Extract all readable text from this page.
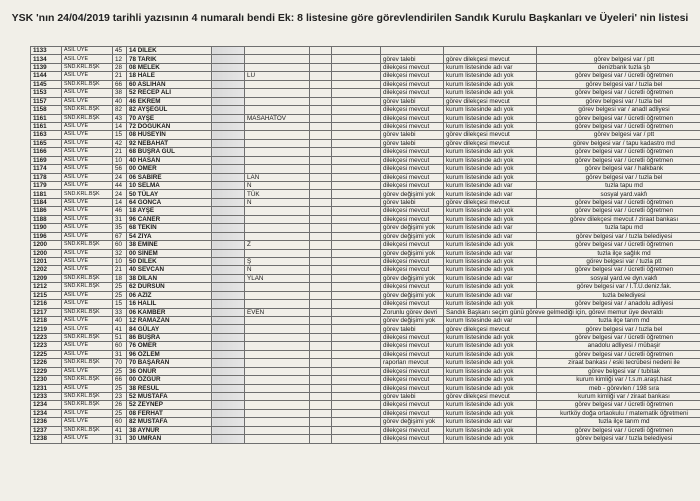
YSK 'nın 24/04/2019 tarihli yazısının 4 numaralı bendi Ek: 8 listesine göre görevlendirilen Sandık Kurulu Başkanları ve Üyeleri' nin listesi
1133	ASIL ÜYE	45	14 DİLEK							
1134	ASIL ÜYE	12	78 TARIK					görev talebi	görev dilekçesi mevcut	görev belgesi var / ptt
1139	SND.KRL.BŞK	28	08 MELEK					dilekçesi mevcut	kurum listesinde adı var	denizbank tuzla şb
1144	ASIL ÜYE	21	18 HALE		LU			dilekçesi mevcut	kurum listesinde adı yok	görev belgesi var / ücretli öğretmen
1145	SND.KRL.BŞK	66	60 ASLIHAN					dilekçesi mevcut	kurum listesinde adı yok	görev belgesi var / tuzla bel
1153	ASIL ÜYE	38	52 RECEP ALİ					dilekçesi mevcut	kurum listesinde adı yok	görev belgesi var / ücretli öğretmen
1157	ASIL ÜYE	40	46 EKREM					görev talebi	görev dilekçesi mevcut	görev belgesi var / tuzla bel
1158	SND.KRL.BŞK	82	82 AYŞEGÜL					dilekçesi mevcut	kurum listesinde adı yok	görev belgesi var / anadl adliyesi
1161	SND.KRL.BŞK	43	70 AYŞE		MASAHATOV			dilekçesi mevcut	kurum listesinde adı yok	görev belgesi var / ücretli öğretmen
1161	ASIL ÜYE	14	72 DOĞUKAN					dilekçesi mevcut	kurum listesinde adı yok	görev belgesi var / ücretli öğretmen
1163	ASIL ÜYE	15	08 HÜSEYİN					görev talebi	görev dilekçesi mevcut	görev belgesi var / ptt
1165	ASIL ÜYE	42	92 NEBAHAT					görev talebi	görev dilekçesi mevcut	görev belgesi var / tapu kadastro md
1166	ASIL ÜYE	21	68 BÜŞRA GÜL					dilekçesi mevcut	kurum listesinde adı yok	görev belgesi var / ücretli öğretmen
1169	ASIL ÜYE	10	40 HASAN					dilekçesi mevcut	kurum listesinde adı yok	görev belgesi var / ücretli öğretmen
1174	ASIL ÜYE	56	00 ÖMER					dilekçesi mevcut	kurum listesinde adı yok	görev belgesi var / halkbank
1178	ASIL ÜYE	24	06 SABİRE		LAN			dilekçesi mevcut	kurum listesinde adı yok	görev belgesi var / tuzla bel
1179	ASIL ÜYE	44	10 SELMA		N			dilekçesi mevcut	kurum listesinde adı var	tuzla tapu md
1181	SND.KRL.BŞK	24	50 TÜLAY		TÜK			görev değişimi yok	kurum listesinde adı var	sosyal yard.vakfı
1184	ASIL ÜYE	14	64 GONCA		N			görev talebi	görev dilekçesi mevcut	görev belgesi var / ücretli öğretmen
1186	ASIL ÜYE	46	18 AYŞE					dilekçesi mevcut	kurum listesinde adı yok	görev belgesi var / ücretli öğretmen
1188	ASIL ÜYE	31	96 CANER					dilekçesi mevcut	kurum listesinde adı yok	görev dilekçesi mevcut / ziraat bankası
1190	ASIL ÜYE	35	68 TEKİN					görev değişimi yok	kurum listesinde adı var	tuzla tapu md
1196	ASIL ÜYE	67	54 ZİYA					görev değişimi yok	kurum listesinde adı var	görev belgesi var / tuzla belediyesi
1200	SND.KRL.BŞK	60	38 EMİNE		Z			dilekçesi mevcut	kurum listesinde adı yok	görev belgesi var / ücretli öğretmen
1200	ASIL ÜYE	32	00 SİNEM					görev değişimi yok	kurum listesinde adı var	tuzla ilçe sağlık md
1201	ASIL ÜYE	10	50 DİLEK		Ş			dilekçesi mevcut	kurum listesinde adı yok	görev belgesi var / tuzla ptt
1202	ASIL ÜYE	21	40 SEVCAN		N			dilekçesi mevcut	kurum listesinde adı yok	görev belgesi var / ücretli öğretmen
1209	SND.KRL.BŞK	18	38 DİLAN		YLAN			görev değişimi yok	kurum listesinde adı var	sosyal yard.ve dyn.vakfı
1212	SND.KRL.BŞK	25	62 DURSUN					dilekçesi mevcut	kurum listesinde adı yok	görev belgesi var / İ.T.Ü.deniz.fak.
1215	ASIL ÜYE	25	06 AZİZ					görev değişimi yok	kurum listesinde adı var	tuzla belediyesi
1216	ASIL ÜYE	15	16 HALİL					dilekçesi mevcut	kurum listesinde adı yok	görev belgesi var / anadolu adliyesi
1217	SND.KRL.BŞK	33	06 KAMBER		EVEN			Zorunlu görev devri	Sandık Başkanı seçim günü göreve gelmediği için, görevi memur üye devraldı	
1218	ASIL ÜYE	40	12 RAMAZAN					görev değişimi yok	kurum listesinde adı var	tuzla ilçe tarım md
1219	ASIL ÜYE	41	84 GÜLAY					görev talebi	görev dilekçesi mevcut	görev belgesi var / tuzla bel
1223	SND.KRL.BŞK	51	86 BÜŞRA					dilekçesi mevcut	kurum listesinde adı yok	görev belgesi var / ücretli öğretmen
1223	ASIL ÜYE	60	76 ÖMER					dilekçesi mevcut	kurum listesinde adı yok	anadolu adliyesi / mübaşir
1225	ASIL ÜYE	31	96 ÖZLEM					dilekçesi mevcut	kurum listesinde adı yok	görev belgesi var / ücretli öğretmen
1226	SND.KRL.BŞK	70	70 BAŞARAN					raporları mevcut	kurum listesinde adı yok	ziraat bankası / eski tecrübesi nedeni ile
1229	ASIL ÜYE	25	36 ONUR					dilekçesi mevcut	kurum listesinde adı yok	görev belgesi var / tubitak
1230	SND.KRL.BŞK	66	00 ÖZGÜR					dilekçesi mevcut	kurum listesinde adı yok	kurum kimliği var / t.s.m.araşt.hast
1231	ASIL ÜYE	25	38 RESUL					dilekçesi mevcut	kurum listesinde adı yok	meb - görevlen / 198 sıra
1233	SND.KRL.BŞK	23	52 MUSTAFA					görev talebi	görev dilekçesi mevcut	kurum kimliği var / ziraat bankası
1234	SND.KRL.BŞK	26	52 ZEYNEP					dilekçesi mevcut	kurum listesinde adı yok	görev belgesi var / ücretli öğretmen
1234	ASIL ÜYE	25	08 FERHAT					dilekçesi mevcut	kurum listesinde adı yok	kurtköy doğa ortaokulu / matematik öğretmeni
1236	ASIL ÜYE	60	82 MUSTAFA					görev değişimi yok	kurum listesinde adı var	tuzla ilçe tarım md
1237	SND.KRL.BŞK	41	38 AYNUR					dilekçesi mevcut	kurum listesinde adı yok	görev belgesi var / ücretli öğretmen
1238	ASIL ÜYE	31	30 UMRAN					dilekçesi mevcut	kurum listesinde adı yok	görev belgesi var / tuzla belediyesi
